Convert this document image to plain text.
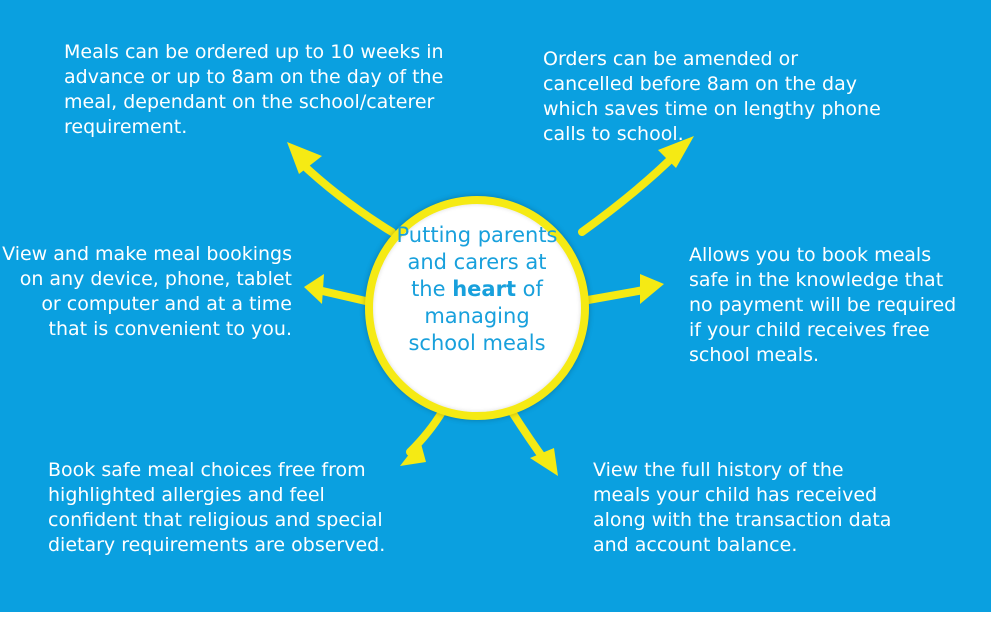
Meals can be ordered up to 10 weeks in advance or up to 8am on the day of the meal, dependant on the school/caterer requirement.
Orders can be amended or cancelled before 8am on the day which saves time on lengthy phone calls to school.
View and make meal bookings on any device, phone, tablet or computer and at a time that is convenient to you.
Allows you to book meals safe in the knowledge that no payment will be required if your child receives free school meals.
Book safe meal choices free from highlighted allergies and feel confident that religious and special dietary requirements are observed.
View the full history of the meals your child has received along with the transaction data and account balance.
Putting parents
and carers at
the heart of
managing
school meals
